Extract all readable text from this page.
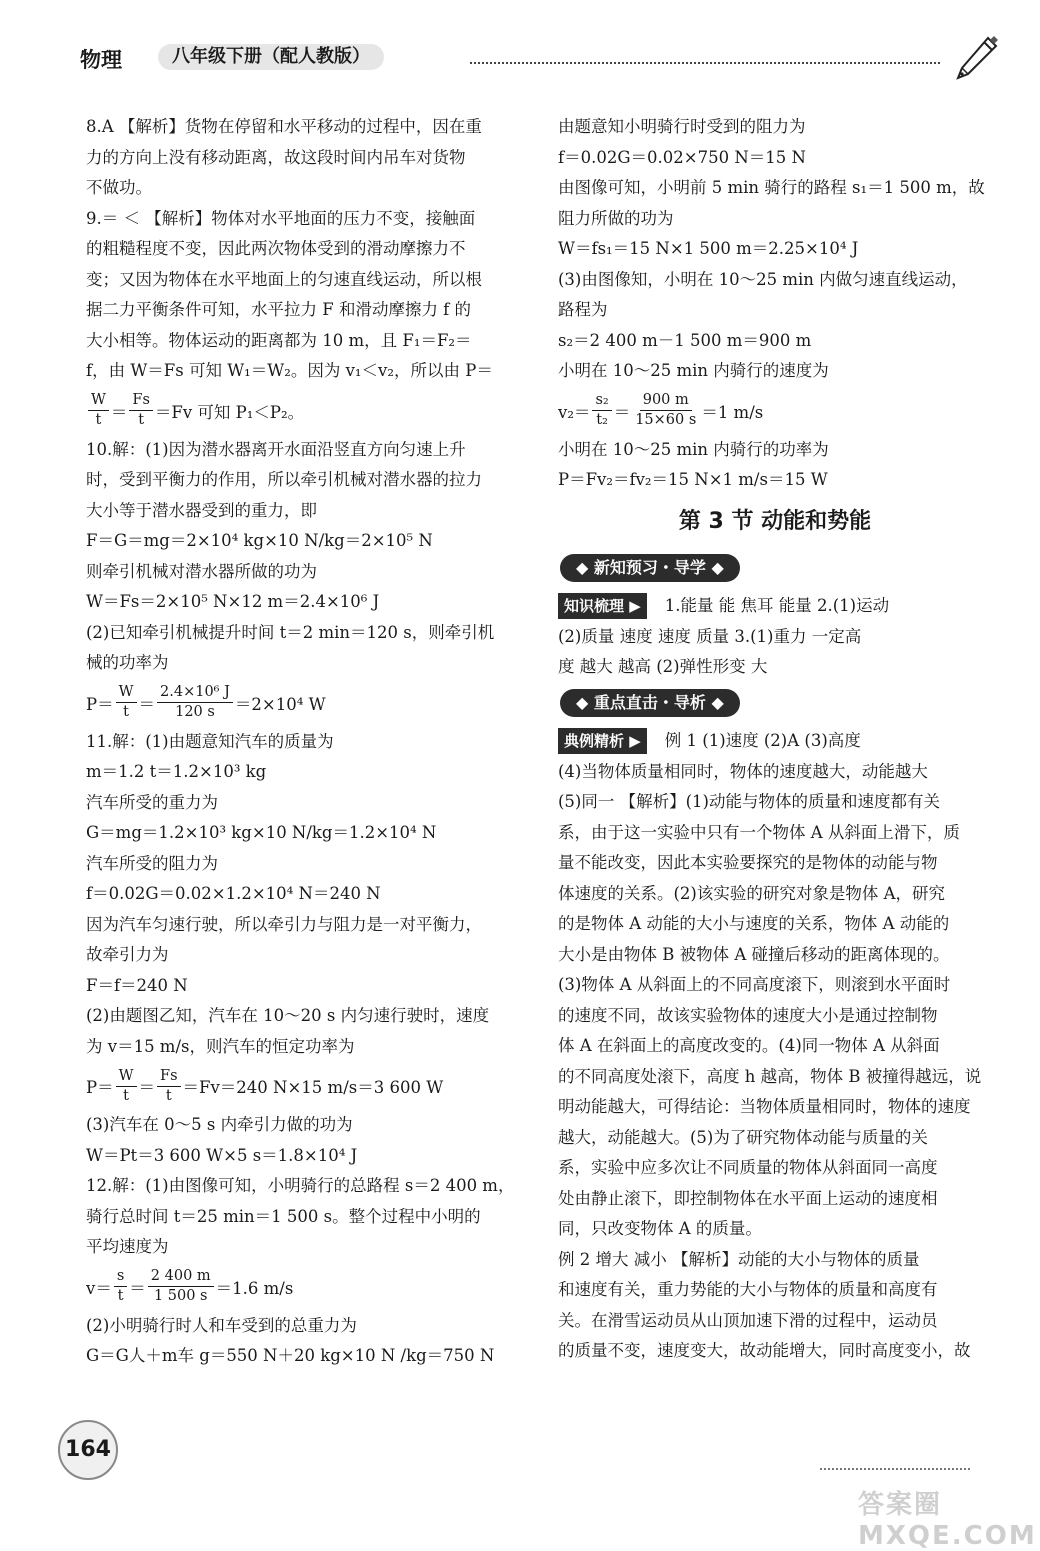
物理	八年级下册（配人教版）
8.A 【解析】货物在停留和水平移动的过程中，因在重
力的方向上没有移动距离，故这段时间内吊车对货物
不做功。
9.＝ ＜ 【解析】物体对水平地面的压力不变，接触面
的粗糙程度不变，因此两次物体受到的滑动摩擦力不
变；又因为物体在水平地面上的匀速直线运动，所以根
据二力平衡条件可知，水平拉力 F 和滑动摩擦力 f 的
大小相等。物体运动的距离都为 10 m，且 F₁＝F₂＝
f，由 W＝Fs 可知 W₁＝W₂。因为 v₁＜v₂，所以由 P＝
$\frac{W}{t} = \frac{Fs}{t} =Fv$ 可知 P₁＜P₂。
10.解：(1)因为潜水器离开水面沿竖直方向匀速上升
时，受到平衡力的作用，所以牵引机械对潜水器的拉力
大小等于潜水器受到的重力，即
F＝G＝mg＝2×10⁴ kg×10 N/kg＝2×10⁵ N
则牵引机械对潜水器所做的功为
W＝Fs＝2×10⁵ N×12 m＝2.4×10⁶ J
(2)已知牵引机械提升时间 t＝2 min＝120 s，则牵引机
械的功率为
$P= \frac{W}{t} = \frac{\text{2.4×10⁶ J}}{120 s} =2\times 10^4$ W
11.解：(1)由题意知汽车的质量为
m＝1.2 t＝1.2×10³ kg
汽车所受的重力为
G＝mg＝1.2×10³ kg×10 N/kg＝1.2×10⁴ N
汽车所受的阻力为
f＝0.02G＝0.02×1.2×10⁴ N＝240 N
因为汽车匀速行驶，所以牵引力与阻力是一对平衡力，
故牵引力为
F＝f＝240 N
(2)由题图乙知，汽车在 10～20 s 内匀速行驶时，速度
为 v＝15 m/s，则汽车的恒定功率为
$P= \frac{W}{t} = \frac{Fs}{t} =Fv=240$ N×15 m/s＝3 600 W
(3)汽车在 0～5 s 内牵引力做的功为
W＝Pt＝3 600 W×5 s＝1.8×10⁴ J
12.解：(1)由图像可知，小明骑行的总路程 s＝2 400 m，
骑行总时间 t＝25 min＝1 500 s。整个过程中小明的
平均速度为
$v= \frac{s}{t} = \frac{2 400 m}{1 500 s} =1.6$ m/s
(2)小明骑行时人和车受到的总重力为
G＝G人＋m车 g＝550 N＋20 kg×10 N /kg＝750 N
由题意知小明骑行时受到的阻力为
f＝0.02G＝0.02×750 N＝15 N
由图像可知，小明前 5 min 骑行的路程 s₁＝1 500 m，故
阻力所做的功为
W＝fs₁＝15 N×1 500 m＝2.25×10⁴ J
(3)由图像知，小明在 10～25 min 内做匀速直线运动，
路程为
s₂＝2 400 m－1 500 m＝900 m
小明在 10～25 min 内骑行的速度为
$v_2= \frac{\text{s₂}}{\text{t₂}} = \frac{900 m}{15\times 60 s} =1$ m/s
小明在 10～25 min 内骑行的功率为
P＝Fv₂＝fv₂＝15 N×1 m/s＝15 W
第 3 节 动能和势能
◆ 新知预习・导学 ◆
知识梳理 ▶ 1.能量 能 焦耳 能量 2.(1)运动
(2)质量 速度 速度 质量 3.(1)重力 一定高
度 越大 越高 (2)弹性形变 大
◆ 重点直击・导析 ◆
典例精析 ▶ 例 1 (1)速度 (2)A (3)高度
(4)当物体质量相同时，物体的速度越大，动能越大
(5)同一 【解析】(1)动能与物体的质量和速度都有关
系，由于这一实验中只有一个物体 A 从斜面上滑下，质
量不能改变，因此本实验要探究的是物体的动能与物
体速度的关系。(2)该实验的研究对象是物体 A，研究
的是物体 A 动能的大小与速度的关系，物体 A 动能的
大小是由物体 B 被物体 A 碰撞后移动的距离体现的。
(3)物体 A 从斜面上的不同高度滚下，则滚到水平面时
的速度不同，故该实验物体的速度大小是通过控制物
体 A 在斜面上的高度改变的。(4)同一物体 A 从斜面
的不同高度处滚下，高度 h 越高，物体 B 被撞得越远，说
明动能越大，可得结论：当物体质量相同时，物体的速度
越大，动能越大。(5)为了研究物体动能与质量的关
系，实验中应多次让不同质量的物体从斜面同一高度
处由静止滚下，即控制物体在水平面上运动的速度相
同，只改变物体 A 的质量。
例 2 增大 减小 【解析】动能的大小与物体的质量
和速度有关，重力势能的大小与物体的质量和高度有
关。在滑雪运动员从山顶加速下滑的过程中，运动员
的质量不变，速度变大，故动能增大，同时高度变小，故
164
答案圈 MXQE.COM
